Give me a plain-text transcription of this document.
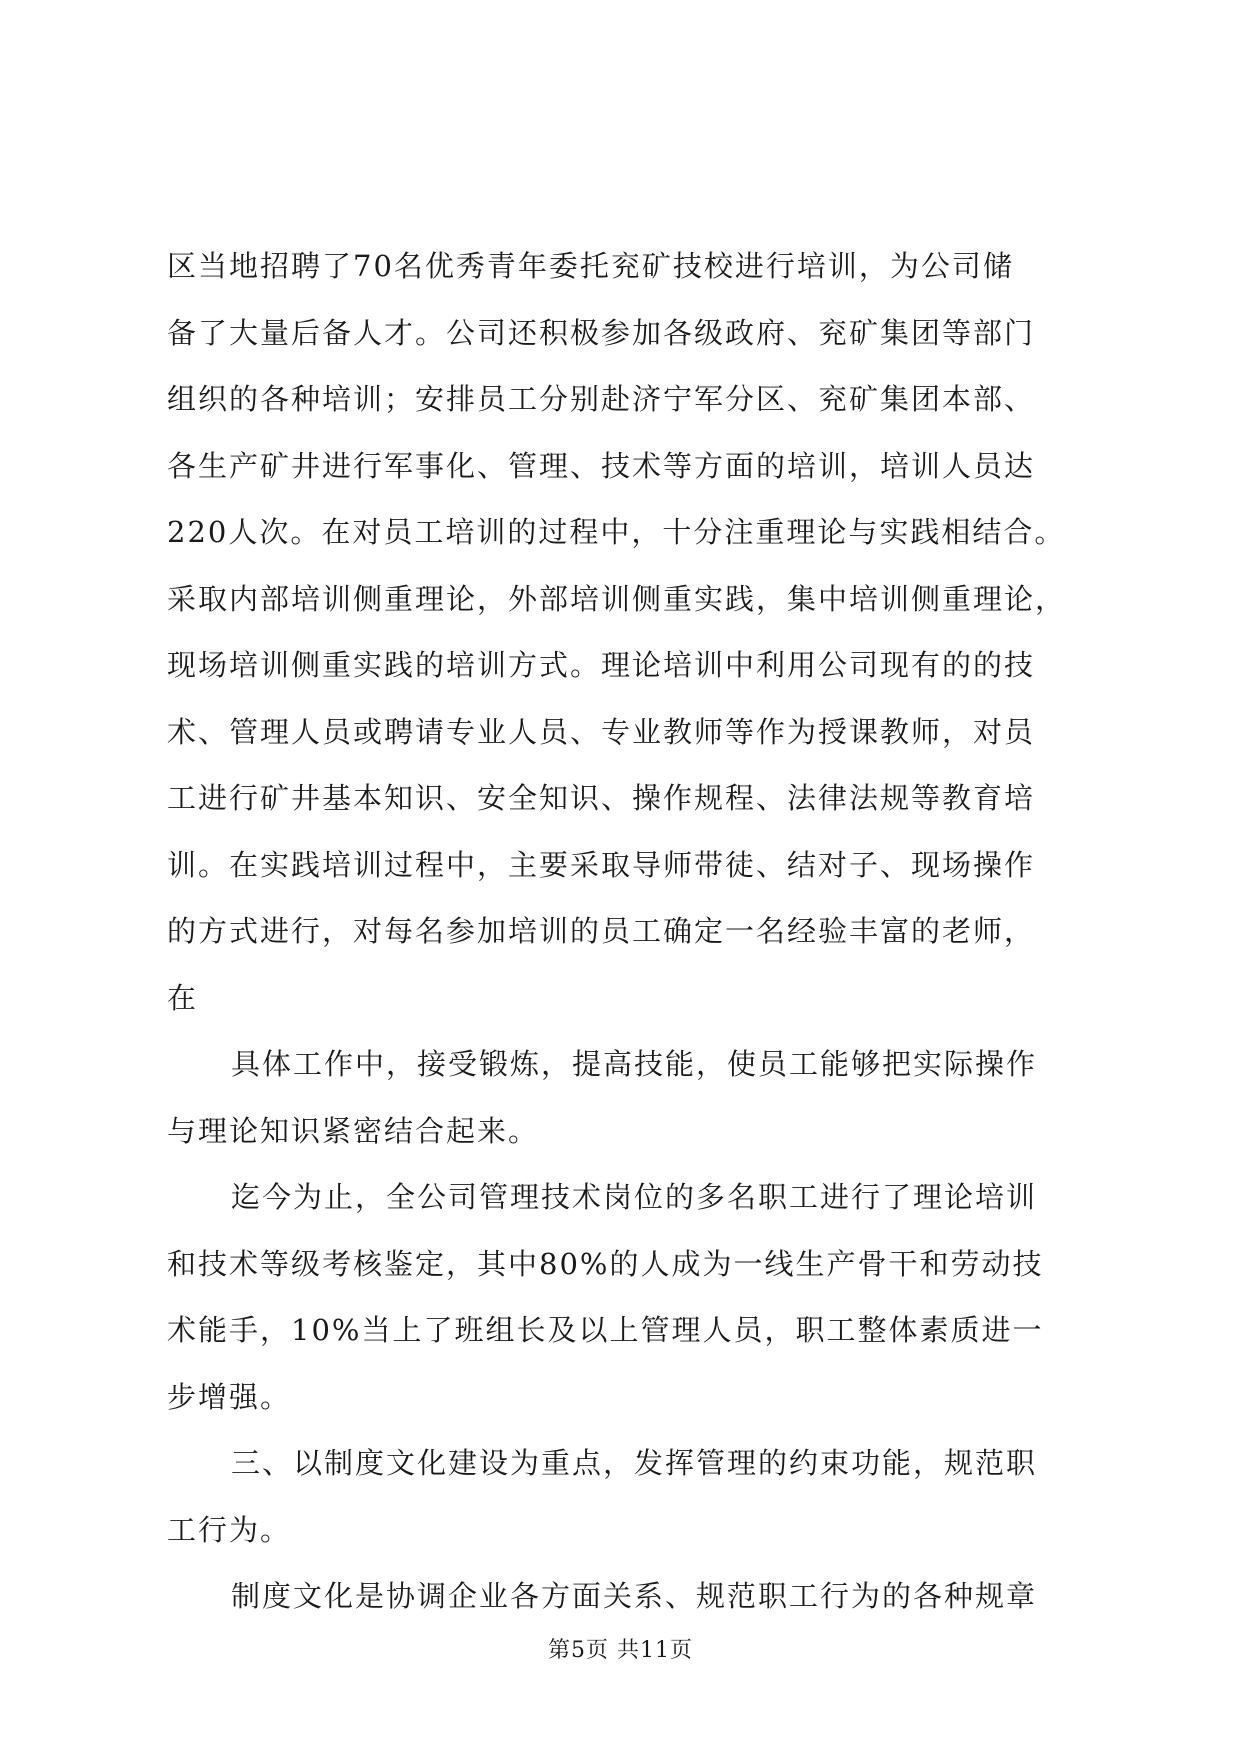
区当地招聘了70名优秀青年委托兖矿技校进行培训，为公司储
备了大量后备人才。公司还积极参加各级政府、兖矿集团等部门
组织的各种培训；安排员工分别赴济宁军分区、兖矿集团本部、
各生产矿井进行军事化、管理、技术等方面的培训，培训人员达
220人次。在对员工培训的过程中，十分注重理论与实践相结合。
采取内部培训侧重理论，外部培训侧重实践，集中培训侧重理论，
现场培训侧重实践的培训方式。理论培训中利用公司现有的的技
术、管理人员或聘请专业人员、专业教师等作为授课教师，对员
工进行矿井基本知识、安全知识、操作规程、法律法规等教育培
训。在实践培训过程中，主要采取导师带徒、结对子、现场操作
的方式进行，对每名参加培训的员工确定一名经验丰富的老师，
在

具体工作中，接受锻炼，提高技能，使员工能够把实际操作
与理论知识紧密结合起来。

迄今为止，全公司管理技术岗位的多名职工进行了理论培训
和技术等级考核鉴定，其中80%的人成为一线生产骨干和劳动技
术能手，10%当上了班组长及以上管理人员，职工整体素质进一
步增强。

三、以制度文化建设为重点，发挥管理的约束功能，规范职
工行为。

制度文化是协调企业各方面关系、规范职工行为的各种规章

第5页 共11页
